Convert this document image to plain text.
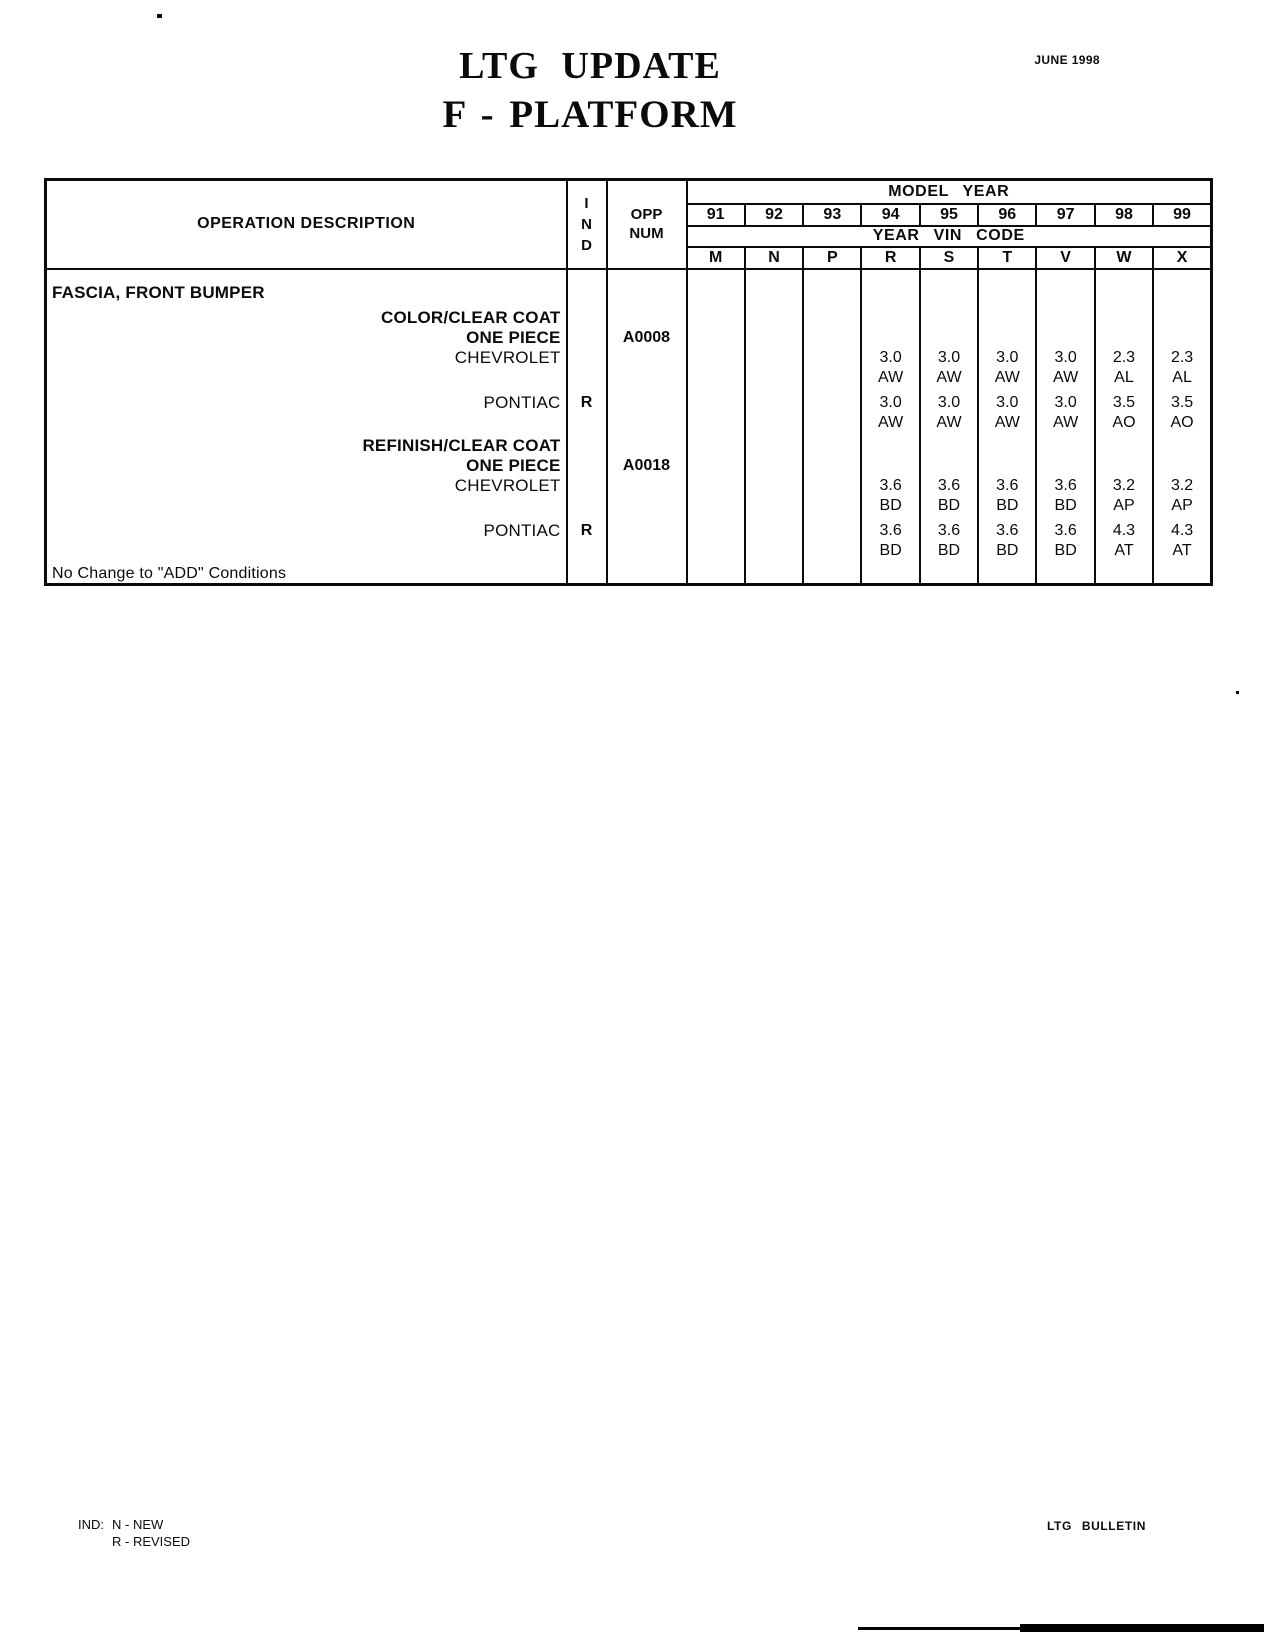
LTG UPDATE
F - PLATFORM
JUNE 1998
OPERATION DESCRIPTION	I
N
D	OPP
NUM	MODEL YEAR								
			91	92	93	94	95	96	97	98	99
			YEAR VIN CODE								
			M	N	P	R	S	T	V	W	X

FASCIA, FRONT BUMPER											

COLOR/CLEAR COAT											
ONE PIECE		A0008									
CHEVROLET						3.0	3.0	3.0	3.0	2.3	2.3
						AW	AW	AW	AW	AL	AL

PONTIAC	R					3.0	3.0	3.0	3.0	3.5	3.5
						AW	AW	AW	AW	AO	AO

REFINISH/CLEAR COAT											
ONE PIECE		A0018									
CHEVROLET						3.6	3.6	3.6	3.6	3.2	3.2
						BD	BD	BD	BD	AP	AP

PONTIAC	R					3.6	3.6	3.6	3.6	4.3	4.3
						BD	BD	BD	BD	AT	AT

No Change to "ADD" Conditions											
IND: N - NEW
R - REVISED
LTG BULLETIN
